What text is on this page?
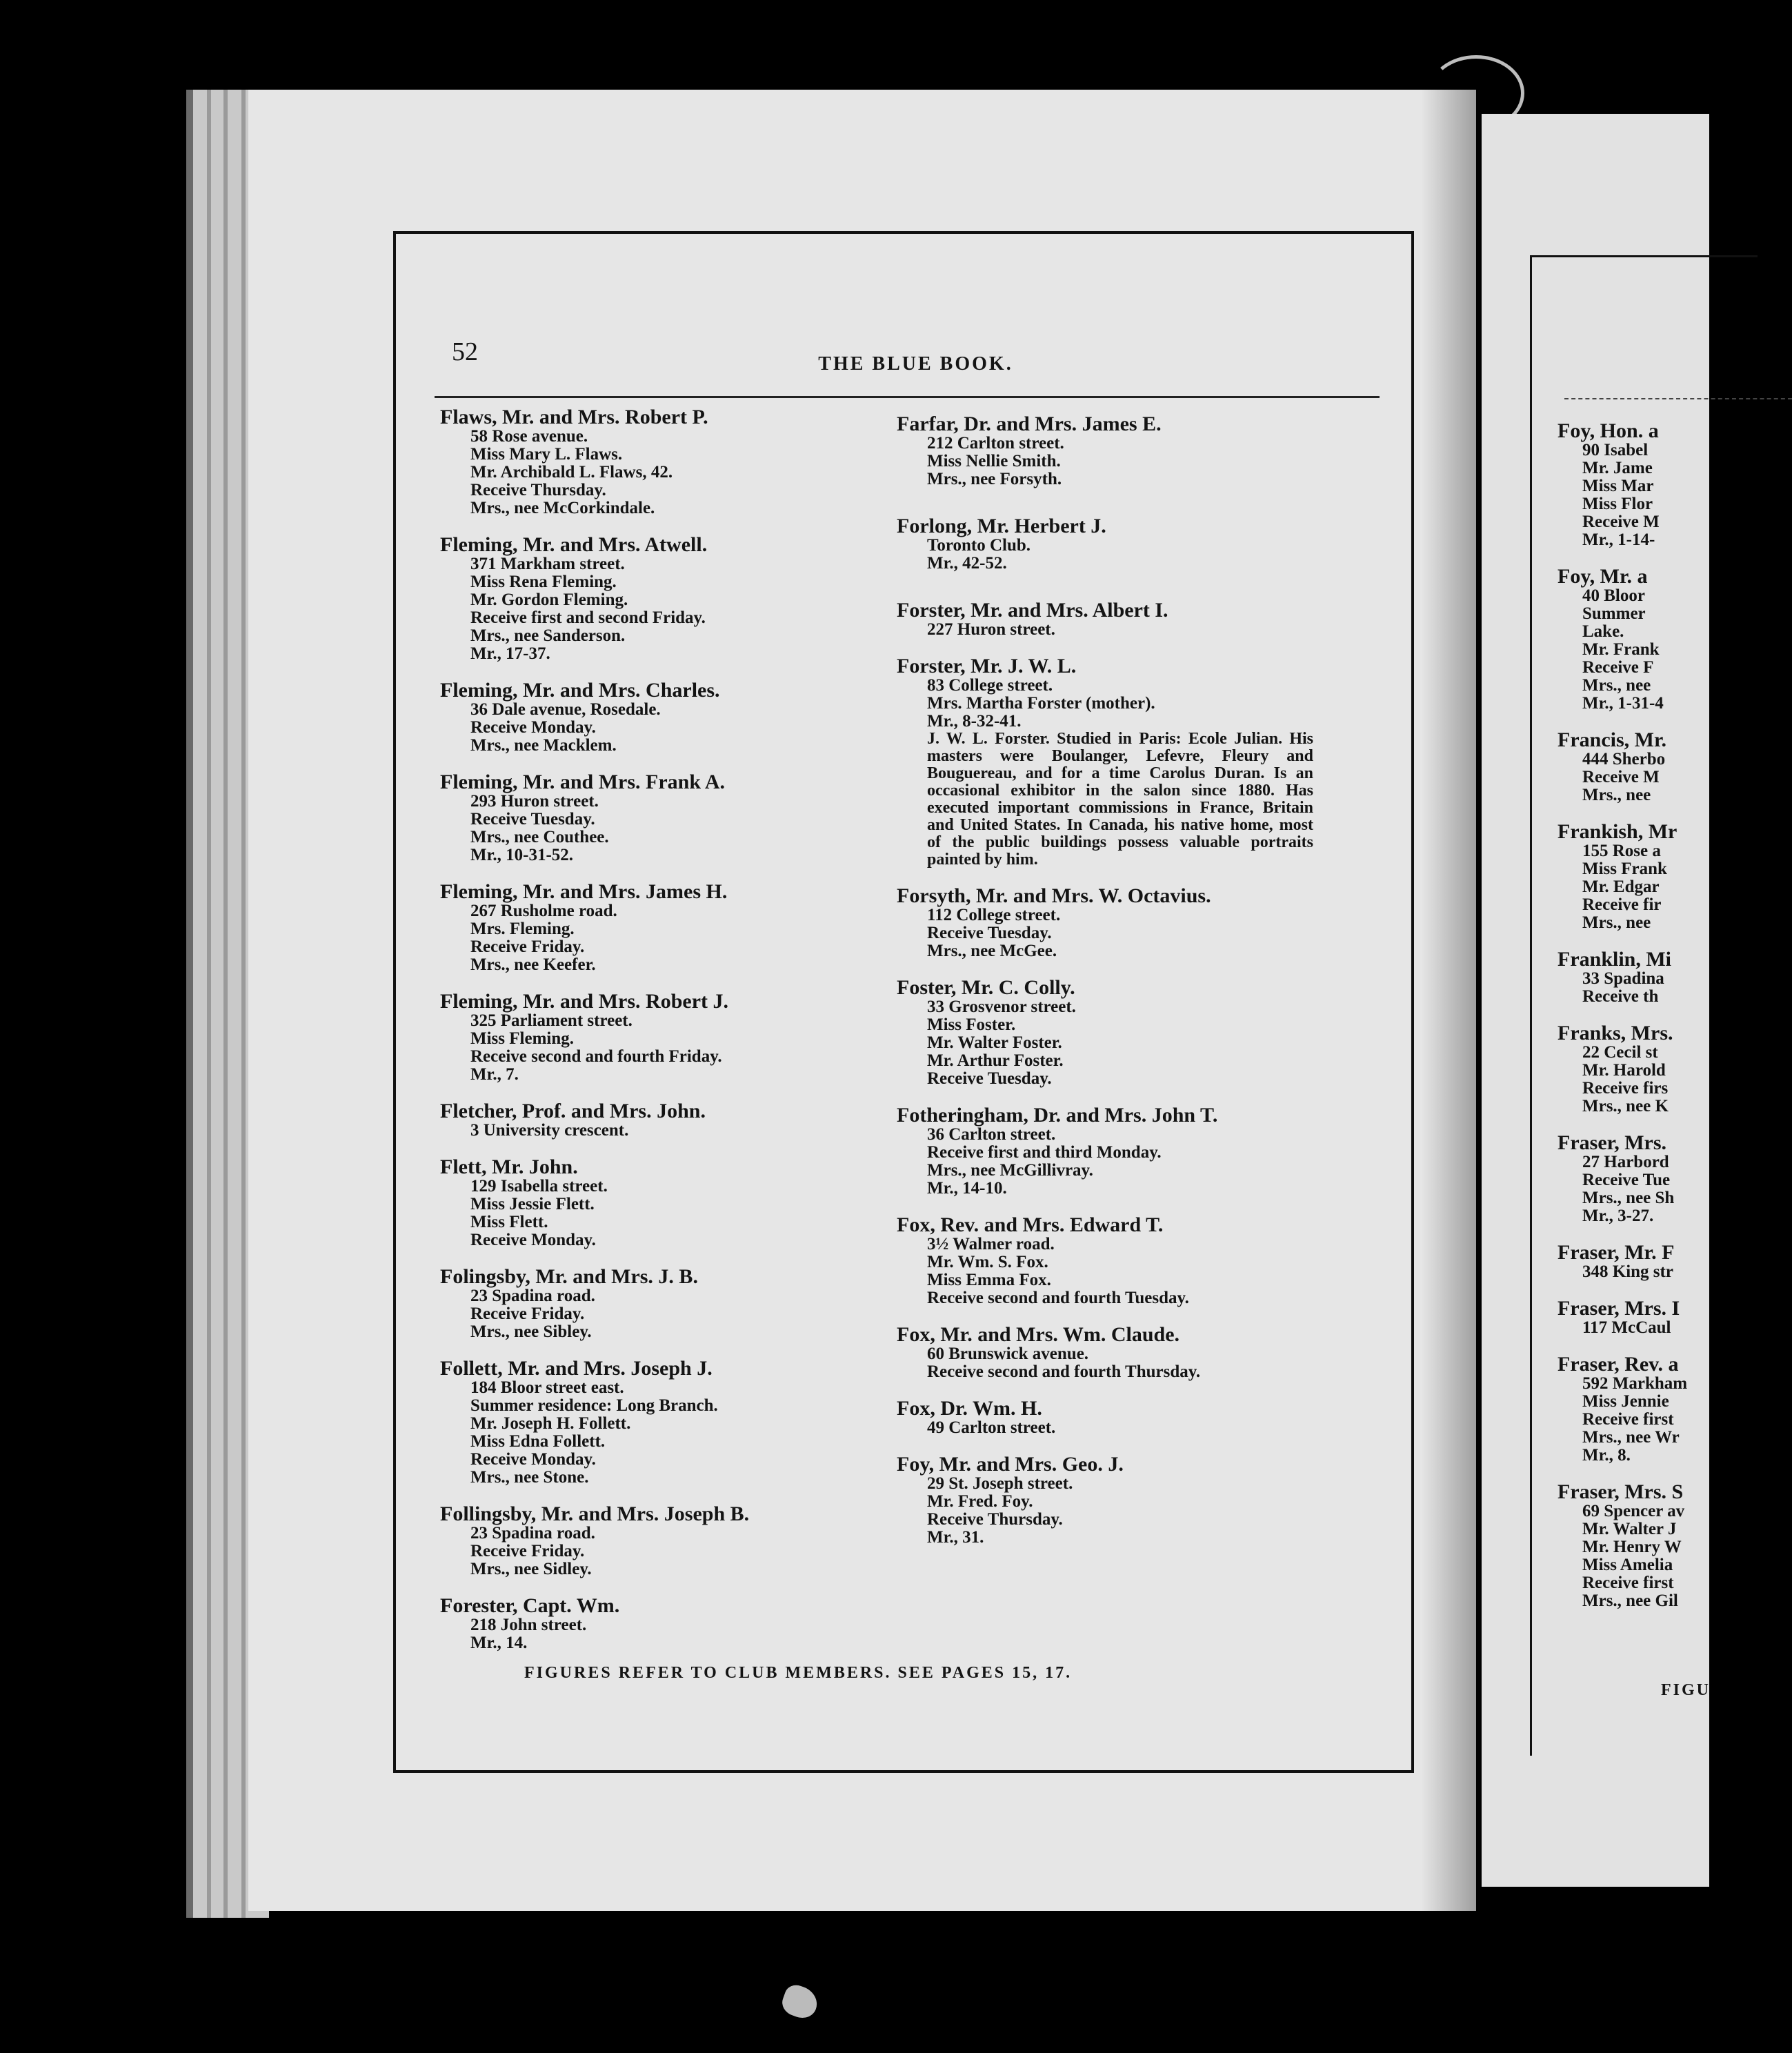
52	THE BLUE BOOK.
Flaws, Mr. and Mrs. Robert P.
58 Rose avenue.
Miss Mary L. Flaws.
Mr. Archibald L. Flaws, 42.
Receive Thursday.
Mrs., nee McCorkindale.
Fleming, Mr. and Mrs. Atwell.
371 Markham street.
Miss Rena Fleming.
Mr. Gordon Fleming.
Receive first and second Friday.
Mrs., nee Sanderson.
Mr., 17-37.
Fleming, Mr. and Mrs. Charles.
36 Dale avenue, Rosedale.
Receive Monday.
Mrs., nee Macklem.
Fleming, Mr. and Mrs. Frank A.
293 Huron street.
Receive Tuesday.
Mrs., nee Couthee.
Mr., 10-31-52.
Fleming, Mr. and Mrs. James H.
267 Rusholme road.
Mrs. Fleming.
Receive Friday.
Mrs., nee Keefer.
Fleming, Mr. and Mrs. Robert J.
325 Parliament street.
Miss Fleming.
Receive second and fourth Friday.
Mr., 7.
Fletcher, Prof. and Mrs. John.
3 University crescent.
Flett, Mr. John.
129 Isabella street.
Miss Jessie Flett.
Miss Flett.
Receive Monday.
Folingsby, Mr. and Mrs. J. B.
23 Spadina road.
Receive Friday.
Mrs., nee Sibley.
Follett, Mr. and Mrs. Joseph J.
184 Bloor street east.
Summer residence: Long Branch.
Mr. Joseph H. Follett.
Miss Edna Follett.
Receive Monday.
Mrs., nee Stone.
Follingsby, Mr. and Mrs. Joseph B.
23 Spadina road.
Receive Friday.
Mrs., nee Sidley.
Forester, Capt. Wm.
218 John street.
Mr., 14.
Farfar, Dr. and Mrs. James E.
212 Carlton street.
Miss Nellie Smith.
Mrs., nee Forsyth.
Forlong, Mr. Herbert J.
Toronto Club.
Mr., 42-52.
Forster, Mr. and Mrs. Albert I.
227 Huron street.
Forster, Mr. J. W. L.
83 College street.
Mrs. Martha Forster (mother).
Mr., 8-32-41.
J. W. L. Forster. Studied in Paris: Ecole Julian. His masters were Boulanger, Lefevre, Fleury and Bouguereau, and for a time Carolus Duran. Is an occasional exhibitor in the salon since 1880. Has executed important commissions in France, Britain and United States. In Canada, his native home, most of the public buildings possess valuable portraits painted by him.
Forsyth, Mr. and Mrs. W. Octavius.
112 College street.
Receive Tuesday.
Mrs., nee McGee.
Foster, Mr. C. Colly.
33 Grosvenor street.
Miss Foster.
Mr. Walter Foster.
Mr. Arthur Foster.
Receive Tuesday.
Fotheringham, Dr. and Mrs. John T.
36 Carlton street.
Receive first and third Monday.
Mrs., nee McGillivray.
Mr., 14-10.
Fox, Rev. and Mrs. Edward T.
3½ Walmer road.
Mr. Wm. S. Fox.
Miss Emma Fox.
Receive second and fourth Tuesday.
Fox, Mr. and Mrs. Wm. Claude.
60 Brunswick avenue.
Receive second and fourth Thursday.
Fox, Dr. Wm. H.
49 Carlton street.
Foy, Mr. and Mrs. Geo. J.
29 St. Joseph street.
Mr. Fred. Foy.
Receive Thursday.
Mr., 31.
FIGURES REFER TO CLUB MEMBERS. SEE PAGES 15, 17.
Foy, Hon. a
90 Isabel
Mr. Jame
Miss Mar
Miss Flor
Receive M
Mr., 1-14-
Foy, Mr. a
40 Bloor
Summer
Lake.
Mr. Frank
Receive F
Mrs., nee
Mr., 1-31-4
Francis, Mr.
444 Sherbo
Receive M
Mrs., nee
Frankish, Mr
155 Rose a
Miss Frank
Mr. Edgar
Receive fir
Mrs., nee
Franklin, Mi
33 Spadina
Receive th
Franks, Mrs.
22 Cecil st
Mr. Harold
Receive firs
Mrs., nee K
Fraser, Mrs.
27 Harbord
Receive Tue
Mrs., nee Sh
Mr., 3-27.
Fraser, Mr. F
348 King str
Fraser, Mrs. I
117 McCaul
Fraser, Rev. a
592 Markham
Miss Jennie
Receive first
Mrs., nee Wr
Mr., 8.
Fraser, Mrs. S
69 Spencer av
Mr. Walter J
Mr. Henry W
Miss Amelia
Receive first
Mrs., nee Gil
FIGU
